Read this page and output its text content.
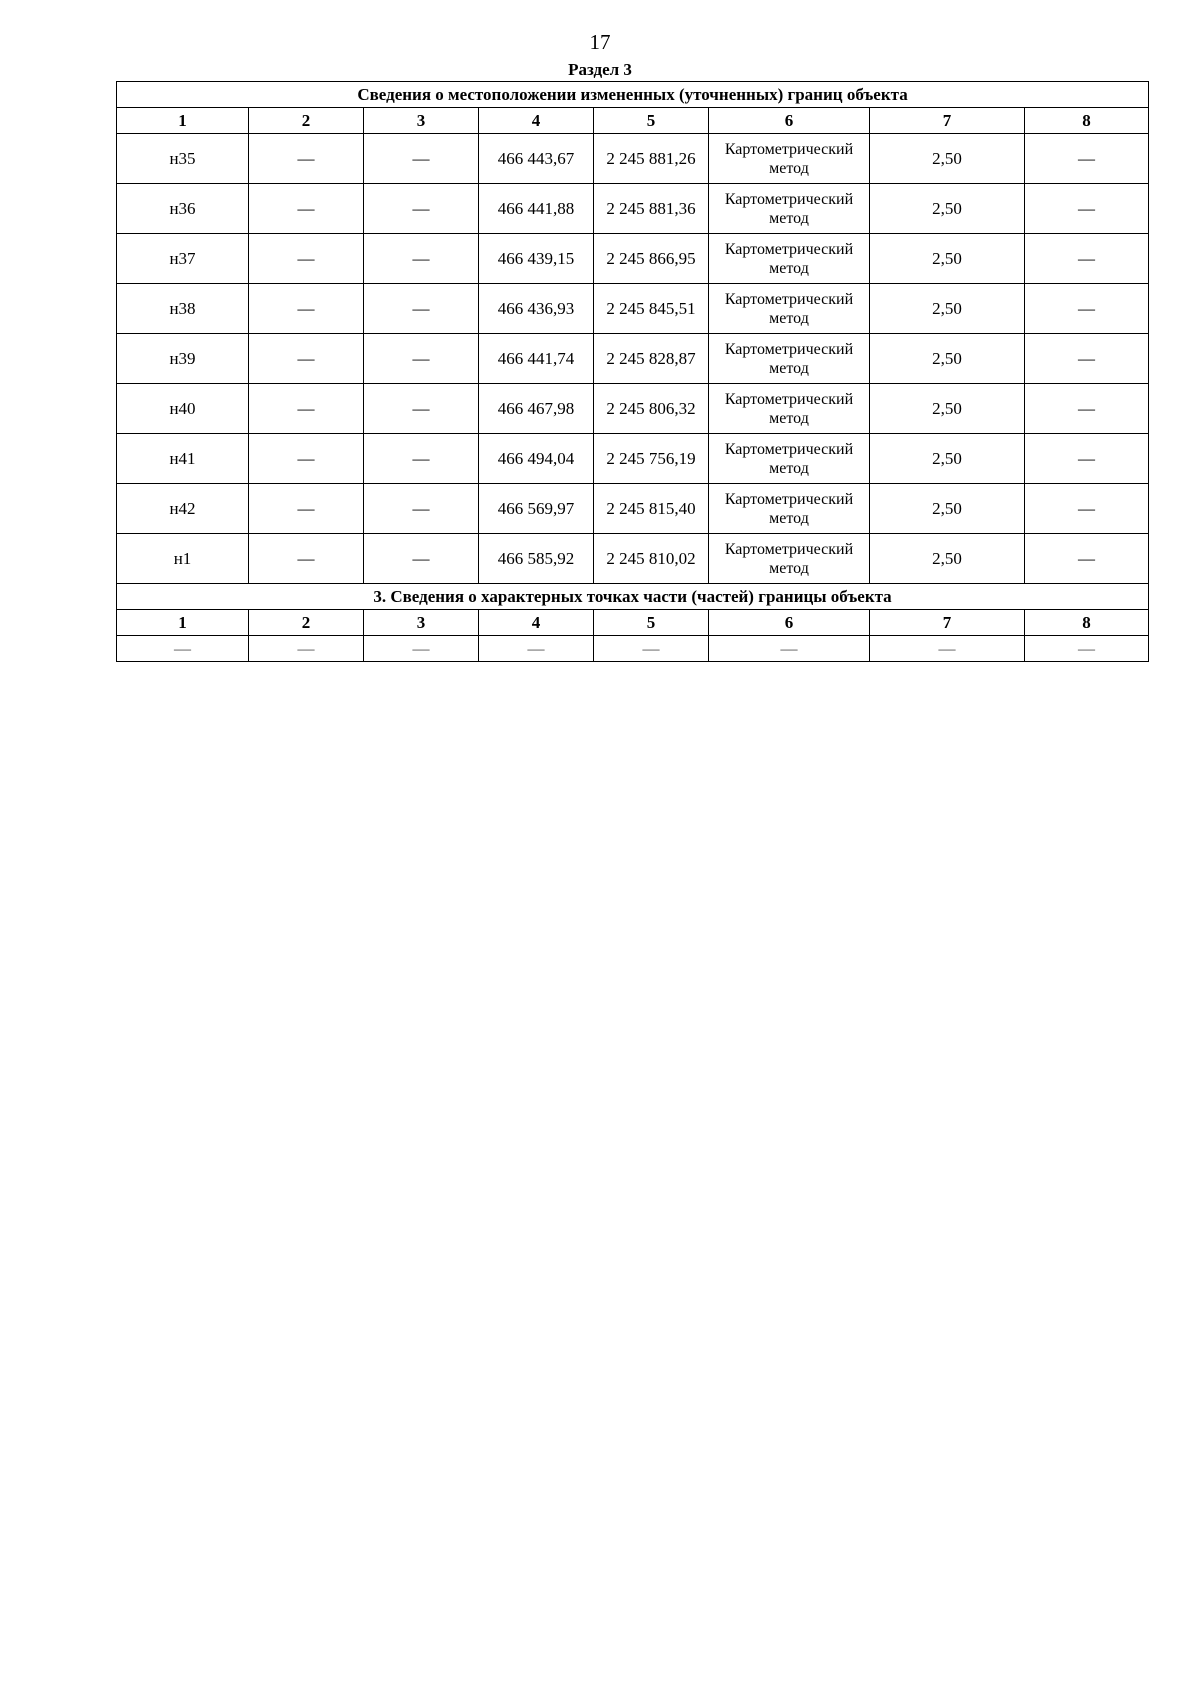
17
Раздел 3
Сведения о местоположении измененных (уточненных) границ объекта							
1	2	3	4	5	6	7	8
н35	—	—	466 443,67	2 245 881,26	Картометрический метод	2,50	—
н36	—	—	466 441,88	2 245 881,36	Картометрический метод	2,50	—
н37	—	—	466 439,15	2 245 866,95	Картометрический метод	2,50	—
н38	—	—	466 436,93	2 245 845,51	Картометрический метод	2,50	—
н39	—	—	466 441,74	2 245 828,87	Картометрический метод	2,50	—
н40	—	—	466 467,98	2 245 806,32	Картометрический метод	2,50	—
н41	—	—	466 494,04	2 245 756,19	Картометрический метод	2,50	—
н42	—	—	466 569,97	2 245 815,40	Картометрический метод	2,50	—
н1	—	—	466 585,92	2 245 810,02	Картометрический метод	2,50	—
3. Сведения о характерных точках части (частей) границы объекта							
1	2	3	4	5	6	7	8
—	—	—	—	—	—	—	—
